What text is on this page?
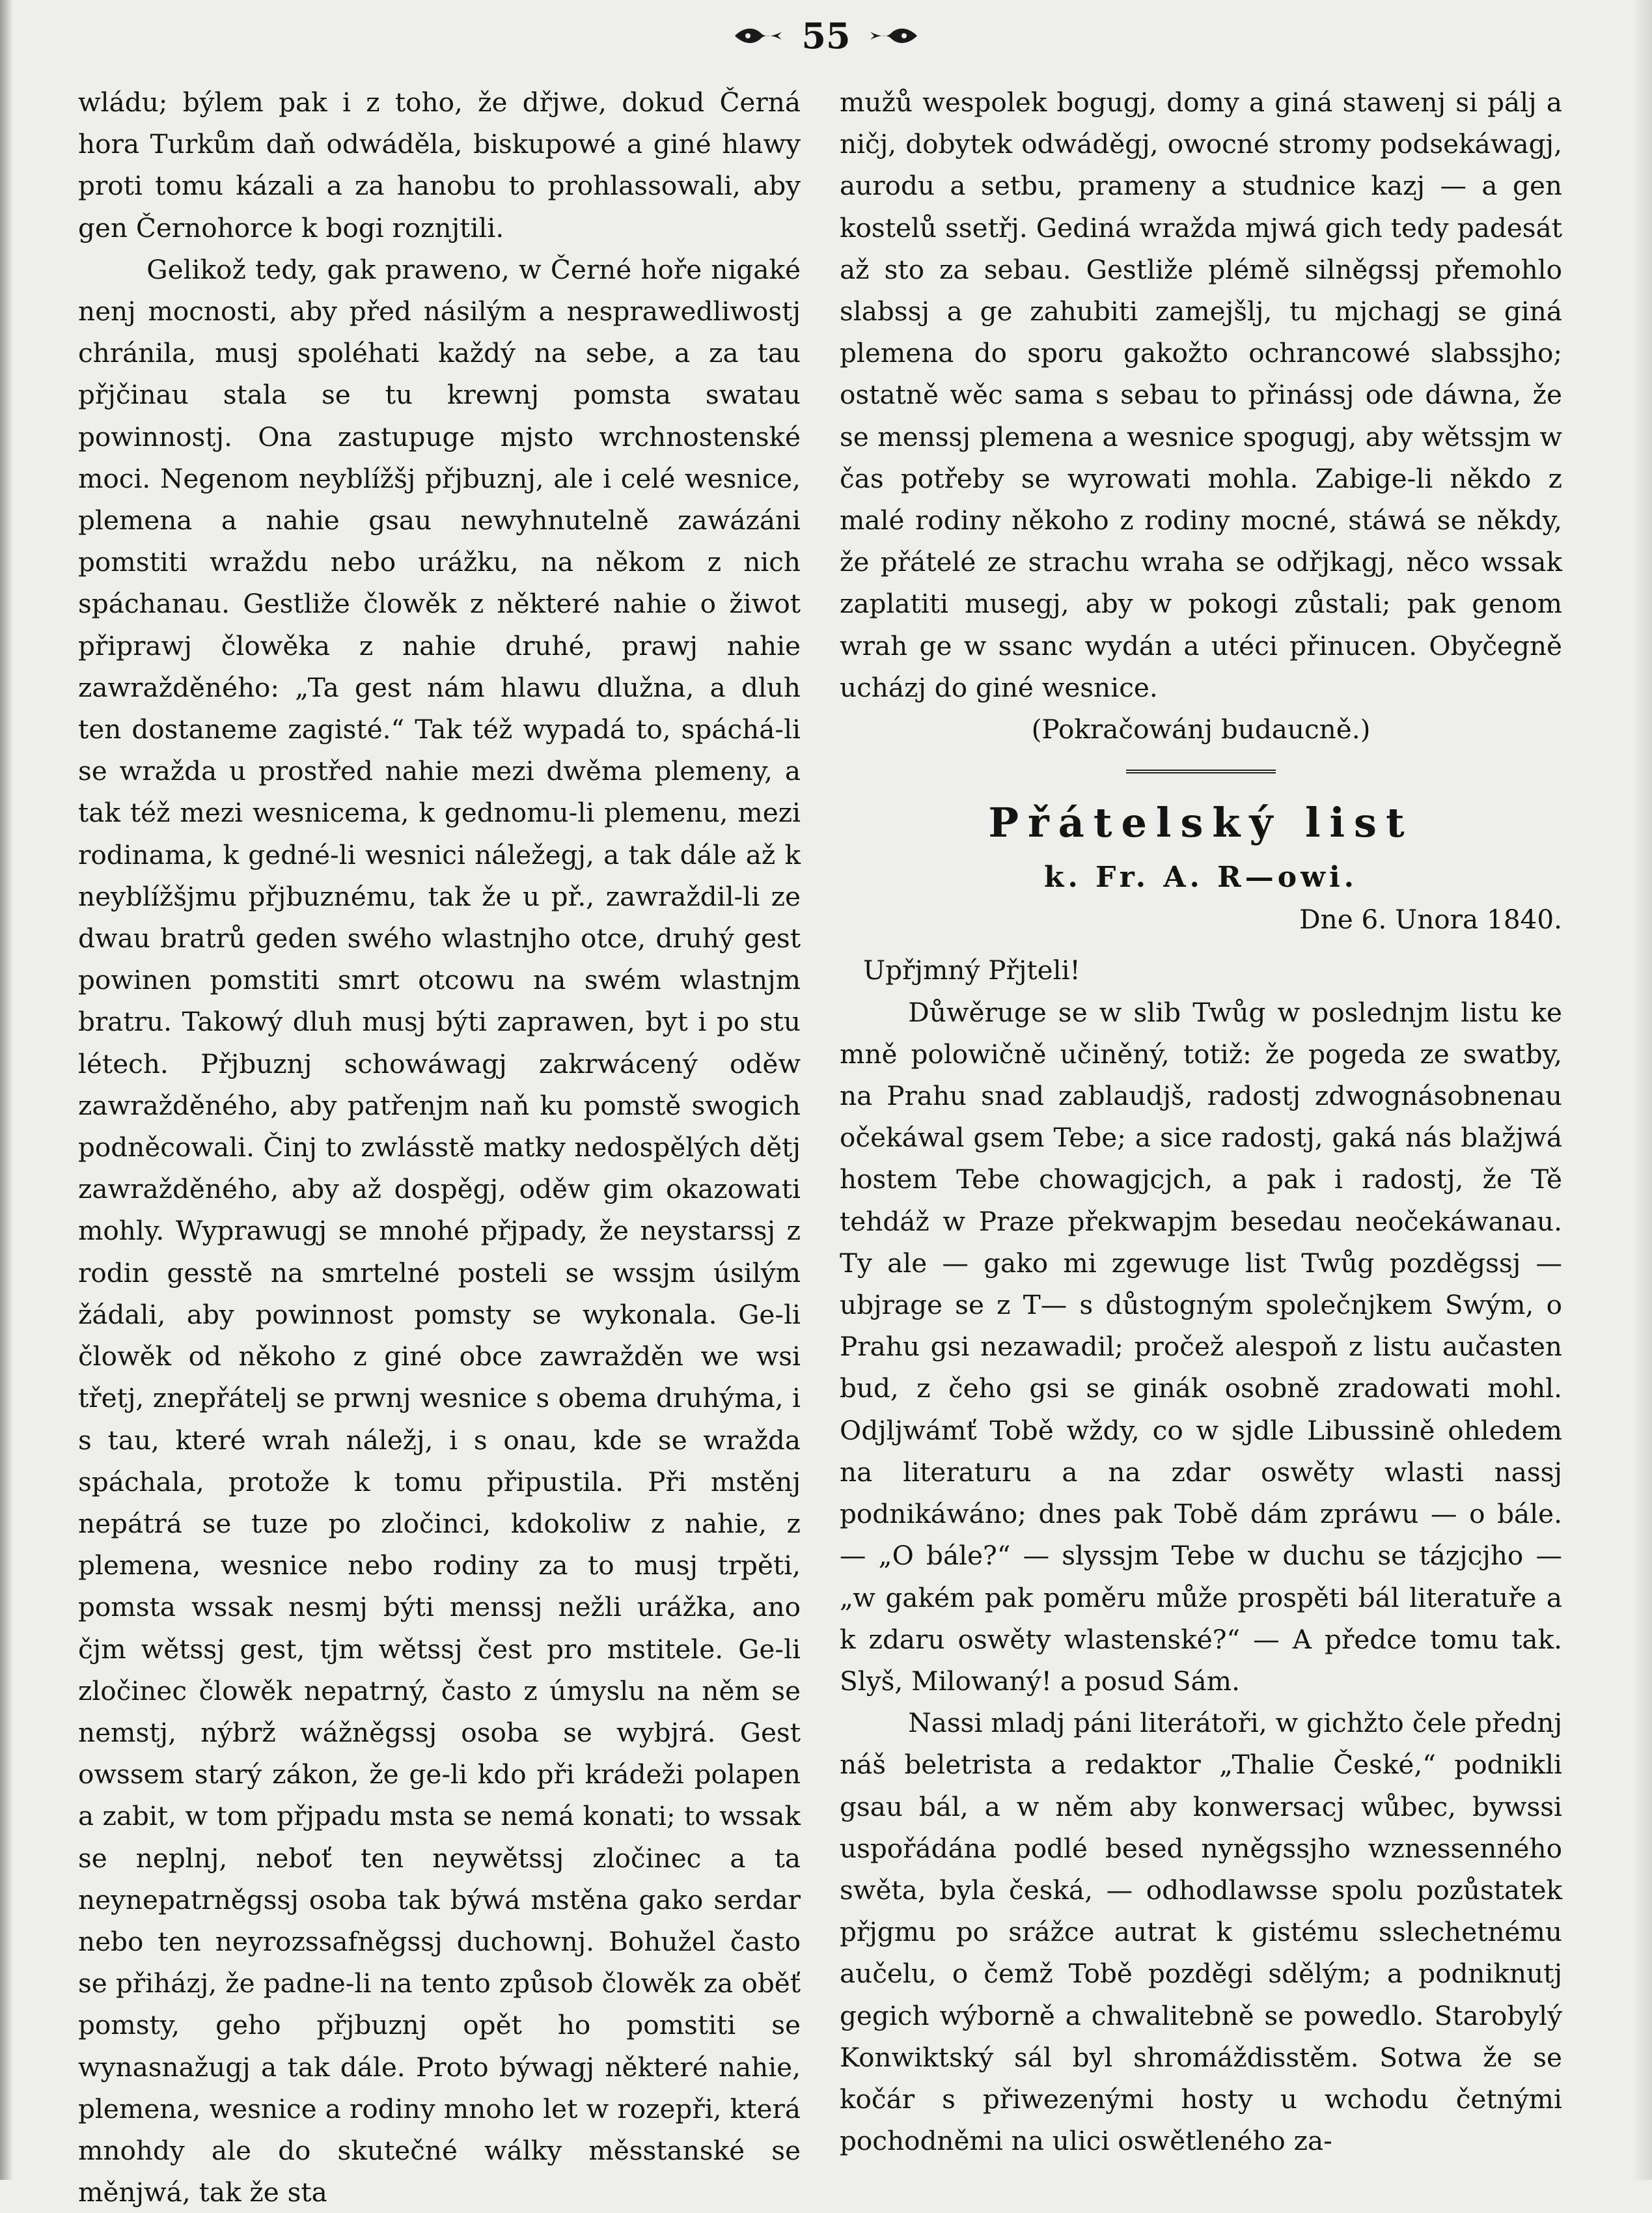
55

wládu; býlem pak i z toho, že dřjwe, dokud Černá hora Turkům daň odwáděla, biskupowé a giné hlawy proti tomu kázali a za hanobu to prohlassowali, aby gen Černohorce k bogi roznjtili.

Gelikož tedy, gak praweno, w Černé hoře nigaké nenj mocnosti, aby před násilým a nesprawedliwostj chránila, musj spoléhati každý na sebe, a za tau přjčinau stala se tu krewnj pomsta swatau powinnostj. Ona zastupuge mjsto wrchnostenské moci. Negenom neyblížšj přjbuznj, ale i celé wesnice, plemena a nahie gsau newyhnutelně zawázáni pomstiti wraždu nebo urážku, na někom z nich spáchanau. Gestliže člowěk z některé nahie o žiwot připrawj člowěka z nahie druhé, prawj nahie zawražděného: „Ta gest nám hlawu dlužna, a dluh ten dostaneme zagisté.“ Tak též wypadá to, spáchá-li se wražda u prostřed nahie mezi dwěma plemeny, a tak též mezi wesnicema, k gednomu-li plemenu, mezi rodinama, k gedné-li wesnici náležegj, a tak dále až k neyblížšjmu přjbuznému, tak že u př., zawraždil-li ze dwau bratrů geden swého wlastnjho otce, druhý gest powinen pomstiti smrt otcowu na swém wlastnjm bratru. Takowý dluh musj býti zaprawen, byt i po stu létech. Přjbuznj schowáwagj zakrwácený oděw zawražděného, aby patřenjm naň ku pomstě swogich podněcowali. Činj to zwlásstě matky nedospělých dětj zawražděného, aby až dospěgj, oděw gim okazowati mohly. Wyprawugj se mnohé přjpady, že neystarssj z rodin gesstě na smrtelné posteli se wssjm úsilým žádali, aby powinnost pomsty se wykonala. Ge-li člowěk od někoho z giné obce zawražděn we wsi třetj, znepřátelj se prwnj wesnice s obema druhýma, i s tau, které wrah náležj, i s onau, kde se wražda spáchala, protože k tomu připustila. Při mstěnj nepátrá se tuze po zločinci, kdokoliw z nahie, z plemena, wesnice nebo rodiny za to musj trpěti, pomsta wssak nesmj býti menssj nežli urážka, ano čjm wětssj gest, tjm wětssj čest pro mstitele. Ge-li zločinec člowěk nepatrný, často z úmyslu na něm se nemstj, nýbrž wážněgssj osoba se wybjrá. Gest owssem starý zákon, že ge-li kdo při krádeži polapen a zabit, w tom přjpadu msta se nemá konati; to wssak se neplnj, neboť ten neywětssj zločinec a ta neynepatrněgssj osoba tak býwá mstěna gako serdar nebo ten neyrozssafněgssj duchownj. Bohužel často se přiházj, že padne-li na tento způsob člowěk za oběť pomsty, geho přjbuznj opět ho pomstiti se wynasnažugj a tak dále. Proto býwagj některé nahie, plemena, wesnice a rodiny mnoho let w rozepři, která mnohdy ale do skutečné wálky měsstanské se měnjwá, tak že sta

mužů wespolek bogugj, domy a giná stawenj si pálj a ničj, dobytek odwáděgj, owocné stromy podsekáwagj, aurodu a setbu, prameny a studnice kazj — a gen kostelů ssetřj. Gediná wražda mjwá gich tedy padesát až sto za sebau. Gestliže plémě silněgssj přemohlo slabssj a ge zahubiti zamejšlj, tu mjchagj se giná plemena do sporu gakožto ochrancowé slabssjho; ostatně wěc sama s sebau to přinássj ode dáwna, že se menssj plemena a wesnice spogugj, aby wětssjm w čas potřeby se wyrowati mohla. Zabige-li někdo z malé rodiny někoho z rodiny mocné, stáwá se někdy, že přátelé ze strachu wraha se odřjkagj, něco wssak zaplatiti musegj, aby w pokogi zůstali; pak genom wrah ge w ssanc wydán a utéci přinucen. Obyčegně ucházj do giné wesnice.

(Pokračowánj budaucně.)

Přátelský list

k. Fr. A. R—owi.

Dne 6. Unora 1840.

Upřjmný Přjteli!

Důwěruge se w slib Twůg w poslednjm listu ke mně polowičně učiněný, totiž: že pogeda ze swatby, na Prahu snad zablaudjš, radostj zdwognásobnenau očekáwal gsem Tebe; a sice radostj, gaká nás blažjwá hostem Tebe chowagjcjch, a pak i radostj, že Tě tehdáž w Praze překwapjm besedau neočekáwanau. Ty ale — gako mi zgewuge list Twůg pozděgssj — ubjrage se z T— s důstogným společnjkem Swým, o Prahu gsi nezawadil; pročež alespoň z listu aučasten bud, z čeho gsi se ginák osobně zradowati mohl. Odjljwámť Tobě wždy, co w sjdle Libussině ohledem na literaturu a na zdar oswěty wlasti nassj podnikáwáno; dnes pak Tobě dám zpráwu — o bále. — „O bále?“ — slyssjm Tebe w duchu se tázjcjho — „w gakém pak poměru může prospěti bál literatuře a k zdaru oswěty wlastenské?“ — A předce tomu tak. Slyš, Milowaný! a posud Sám.

Nassi mladj páni literátoři, w gichžto čele přednj náš beletrista a redaktor „Thalie České,“ podnikli gsau bál, a w něm aby konwersacj wůbec, bywssi uspořádána podlé besed nyněgssjho wznessenného swěta, byla česká, — odhodlawsse spolu pozůstatek přjgmu po srážce autrat k gistému sslechetnému aučelu, o čemž Tobě pozděgi sdělým; a podniknutj gegich wýborně a chwalitebně se powedlo. Starobylý Konwiktský sál byl shromáždisstěm. Sotwa že se kočár s přiwezenými hosty u wchodu četnými pochodněmi na ulici oswětleného za-
